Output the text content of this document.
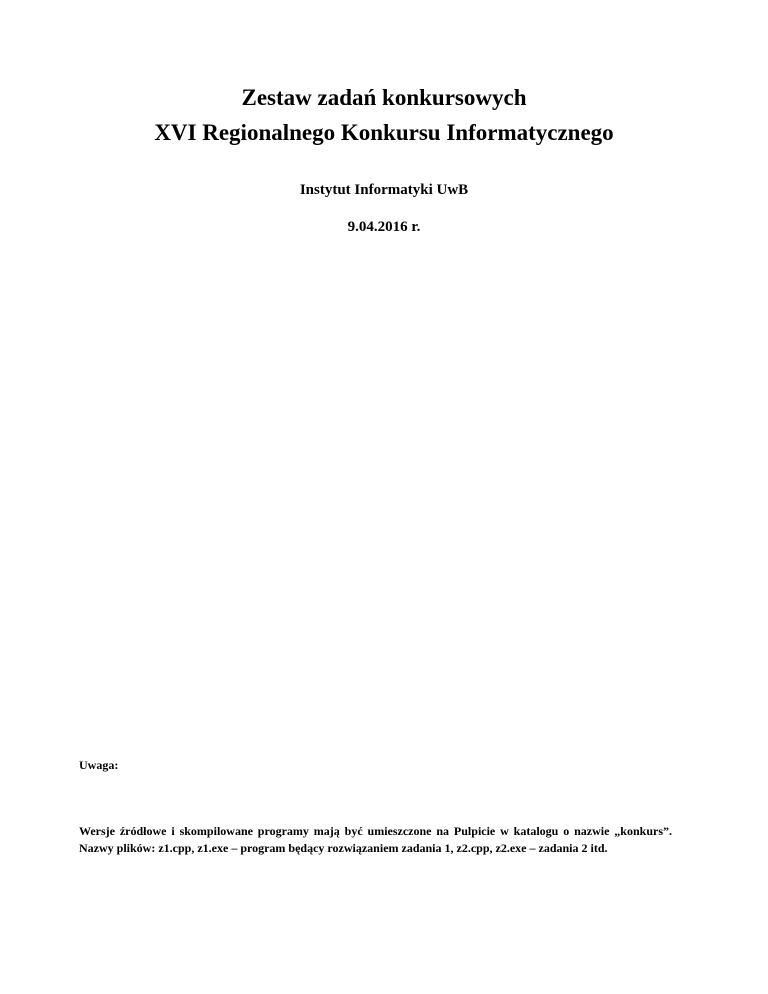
Zestaw zadań konkursowych
XVI Regionalnego Konkursu Informatycznego

Instytut Informatyki UwB

9.04.2016 r.

Uwaga:

Wersje źródłowe i skompilowane programy mają być umieszczone na Pulpicie w katalogu o nazwie „konkurs”. Nazwy plików: z1.cpp, z1.exe – program będący rozwiązaniem zadania 1, z2.cpp, z2.exe – zadania 2 itd.
